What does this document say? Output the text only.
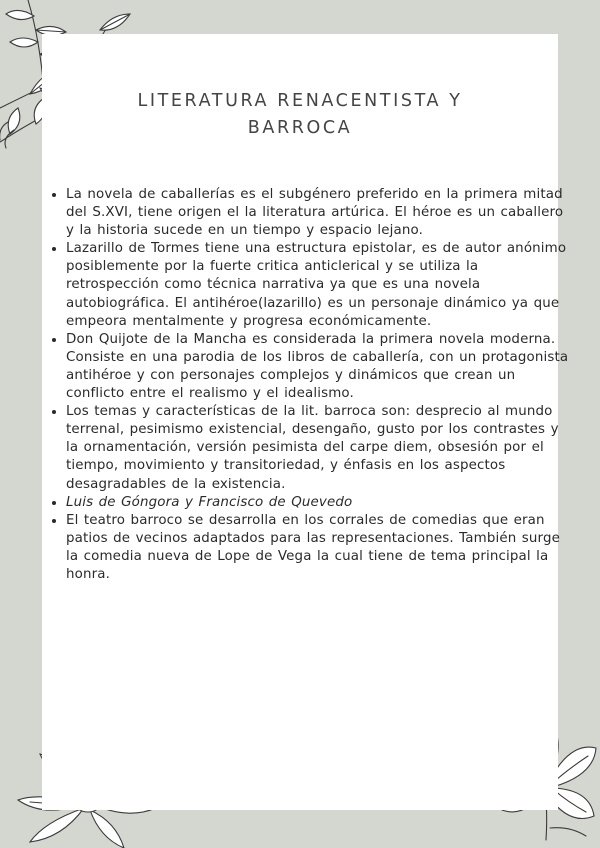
LITERATURA RENACENTISTA Y
BARROCA
• La novela de caballerías es el subgénero preferido en la primera mitad del S.XVI, tiene origen el la literatura artúrica. El héroe es un caballero y la historia sucede en un tiempo y espacio lejano.
• Lazarillo de Tormes tiene una estructura epistolar, es de autor anónimo posiblemente por la fuerte critica anticlerical y se utiliza la retrospección como técnica narrativa ya que es una novela autobiográfica. El antihéroe(lazarillo) es un personaje dinámico ya que empeora mentalmente y progresa económicamente.
• Don Quijote de la Mancha es considerada la primera novela moderna. Consiste en una parodia de los libros de caballería, con un protagonista antihéroe y con personajes complejos y dinámicos que crean un conflicto entre el realismo y el idealismo.
• Los temas y características de la lit. barroca son: desprecio al mundo terrenal, pesimismo existencial, desengaño, gusto por los contrastes y la ornamentación, versión pesimista del carpe diem, obsesión por el tiempo, movimiento y transitoriedad, y énfasis en los aspectos desagradables de la existencia.
• Luis de Góngora y Francisco de Quevedo
• El teatro barroco se desarrolla en los corrales de comedias que eran patios de vecinos adaptados para las representaciones. También surge la comedia nueva de Lope de Vega la cual tiene de tema principal la honra.
